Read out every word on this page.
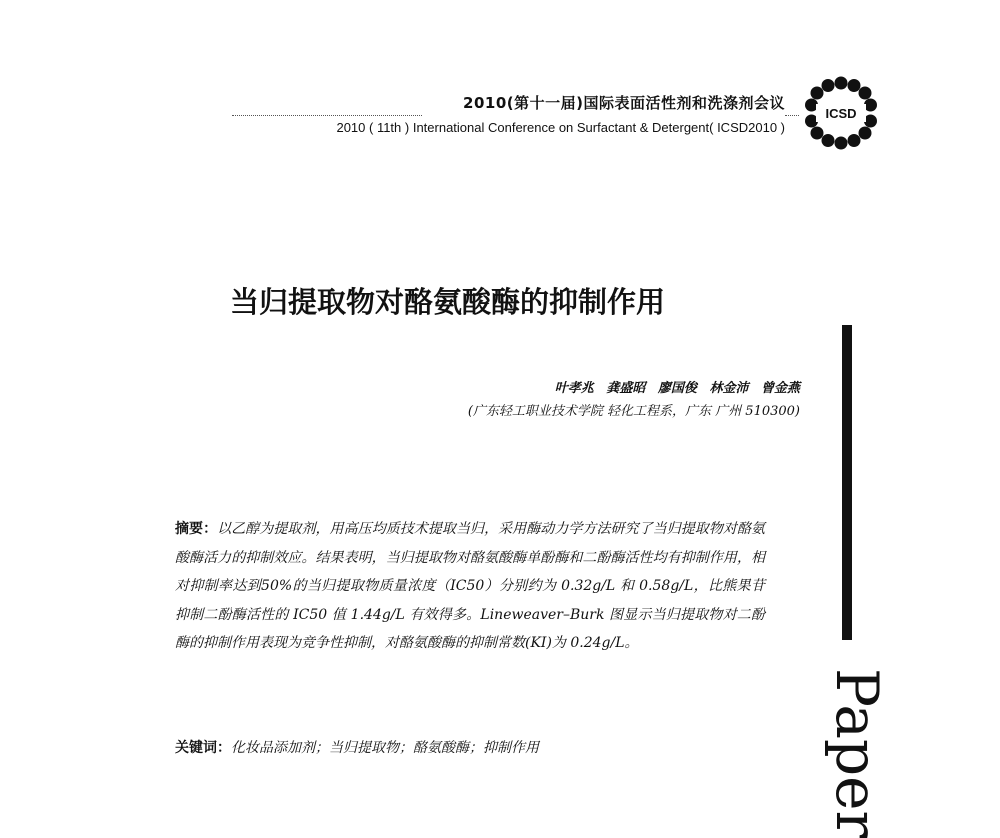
2010(第十一届)国际表面活性剂和洗涤剂会议
2010 ( 11th ) International Conference on Surfactant & Detergent( ICSD2010 )
ICSD
当归提取物对酪氨酸酶的抑制作用
叶孝兆 龚盛昭 廖国俊 林金沛 曾金燕
(广东轻工职业技术学院 轻化工程系，广东 广州 510300)
摘要：以乙醇为提取剂，用高压均质技术提取当归，采用酶动力学方法研究了当归提取物对酪氨酸酶活力的抑制效应。结果表明，当归提取物对酪氨酸酶单酚酶和二酚酶活性均有抑制作用，相对抑制率达到50%的当归提取物质量浓度（IC50）分别约为 0.32g/L 和 0.58g/L，比熊果苷抑制二酚酶活性的 IC50 值 1.44g/L 有效得多。Lineweaver–Burk 图显示当归提取物对二酚酶的抑制作用表现为竞争性抑制，对酪氨酸酶的抑制常数(KI)为 0.24g/L。
关键词：化妆品添加剂；当归提取物；酪氨酸酶；抑制作用	Paper
